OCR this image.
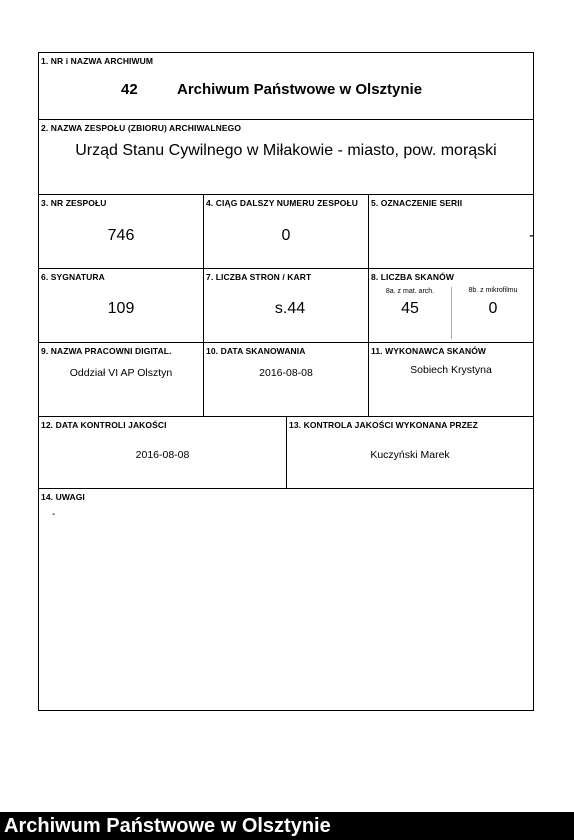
1. NR i NAZWA ARCHIWUM
42	Archiwum Państwowe w Olsztynie
2. NAZWA ZESPOŁU (ZBIORU) ARCHIWALNEGO
Urząd Stanu Cywilnego w Miłakowie - miasto, pow. morąski
3. NR ZESPOŁU
746
4. CIĄG DALSZY NUMERU ZESPOŁU
0
5. OZNACZENIE SERII
-
6. SYGNATURA
109
7. LICZBA STRON / KART
s.44
8. LICZBA SKANÓW
8a. z mat. arch.	8b. z mikrofilmu
45	0
9. NAZWA PRACOWNI DIGITAL.
Oddział VI AP Olsztyn
10. DATA SKANOWANIA
2016-08-08
11. WYKONAWCA SKANÓW
Sobiech Krystyna
12. DATA KONTROLI JAKOŚCI
2016-08-08
13. KONTROLA JAKOŚCI WYKONANA PRZEZ
Kuczyński Marek
14. UWAGI
-
Archiwum Państwowe w Olsztynie
